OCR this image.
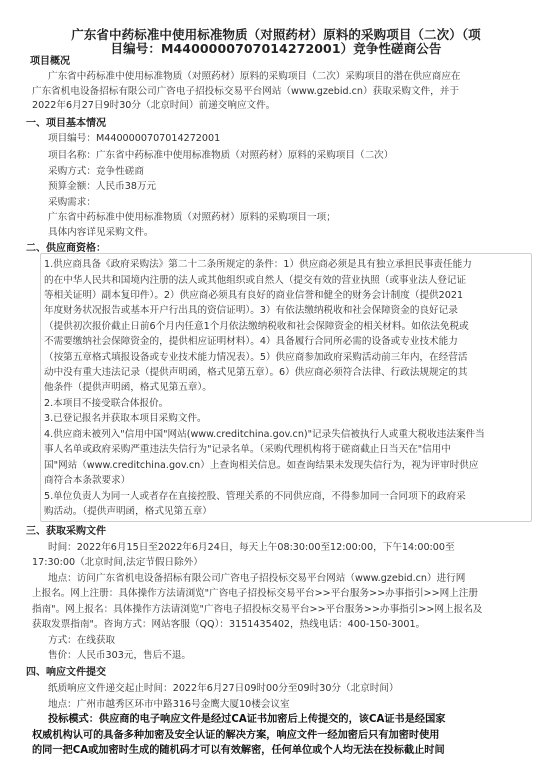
广东省中药标准中使用标准物质（对照药材）原料的采购项目（二次）（项
目编号：M4400000707014272001）竞争性磋商公告
项目概况
广东省中药标准中使用标准物质（对照药材）原料的采购项目（二次）采购项目的潜在供应商应在
广东省机电设备招标有限公司广咨电子招投标交易平台网站（www.gzebid.cn）获取采购文件，并于
2022年6月27日9时30分（北京时间）前递交响应文件。
一、项目基本情况
项目编号：M4400000707014272001
项目名称：广东省中药标准中使用标准物质（对照药材）原料的采购项目（二次）
采购方式：竞争性磋商
预算金额：人民币38万元
采购需求：
广东省中药标准中使用标准物质（对照药材）原料的采购项目一项；
具体内容详见采购文件。
二、供应商资格：
1.供应商具备《政府采购法》第二十二条所规定的条件：1）供应商必须是具有独立承担民事责任能力
的在中华人民共和国境内注册的法人或其他组织或自然人（提交有效的营业执照（或事业法人登记证
等相关证明）副本复印件）。2）供应商必须具有良好的商业信誉和健全的财务会计制度（提供2021
年度财务状况报告或基本开户行出具的资信证明）。3）有依法缴纳税收和社会保障资金的良好记录
（提供初次报价截止日前6个月内任意1个月依法缴纳税收和社会保障资金的相关材料。如依法免税或
不需要缴纳社会保障资金的，提供相应证明材料）。4）具备履行合同所必需的设备或专业技术能力
（按第五章格式填报设备或专业技术能力情况表）。5）供应商参加政府采购活动前三年内，在经营活
动中没有重大违法记录（提供声明函，格式见第五章）。6）供应商必须符合法律、行政法规规定的其
他条件（提供声明函，格式见第五章）。
2.本项目不接受联合体报价。
3.已登记报名并获取本项目采购文件。
4.供应商未被列入"信用中国"网站(www.creditchina.gov.cn)"记录失信被执行人或重大税收违法案件当
事人名单或政府采购严重违法失信行为"记录名单。（采购代理机构将于磋商截止日当天在"信用中
国"网站（www.creditchina.gov.cn）上查询相关信息。如查询结果未发现失信行为，视为评审时供应
商符合本条款要求）
5.单位负责人为同一人或者存在直接控股、管理关系的不同供应商，不得参加同一合同项下的政府采
购活动。（提供声明函，格式见第五章）
三、获取采购文件
时间：2022年6月15日至2022年6月24日，每天上午08:30:00至12:00:00，下午14:00:00至
17:30:00（北京时间,法定节假日除外）
地点：访问广东省机电设备招标有限公司广咨电子招投标交易平台网站（www.gzebid.cn）进行网
上报名。网上注册：具体操作方法请浏览"广咨电子招投标交易平台>>平台服务>>办事指引>>网上注册
指南"。网上报名：具体操作方法请浏览"广咨电子招投标交易平台>>平台服务>>办事指引>>网上报名及
获取发票指南"。咨询方式：网站客服（QQ）：3151435402，热线电话：400-150-3001。
方式：在线获取
售价：人民币303元，售后不退。
四、响应文件提交
纸质响应文件递交起止时间：2022年6月27日09时00分至09时30分（北京时间）
地点：广州市越秀区环市中路316号金鹰大厦10楼会议室
投标模式：供应商的电子响应文件是经过CA证书加密后上传提交的，该CA证书是经国家
权威机构认可的具备多种加密及安全认证的解决方案，响应文件一经加密后只有加密时使用
的同一把CA或加密时生成的随机码才可以有效解密，任何单位或个人均无法在投标截止时间
